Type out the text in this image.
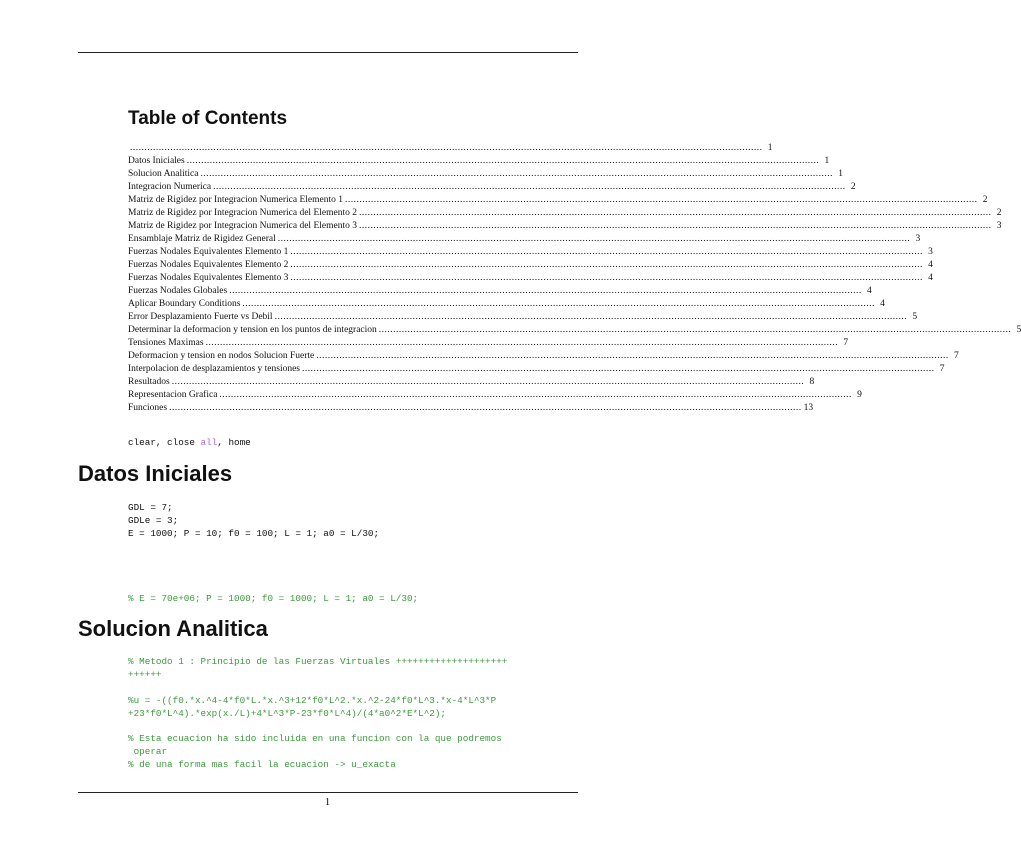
Table of Contents
............................................................................................................................................................................................................................ 1
Datos Iniciales ............................................................................................................................................................................................................................ 1
Solucion Analitica ............................................................................................................................................................................................................................ 1
Integracion Numerica ............................................................................................................................................................................................................................ 2
Matriz de Rigidez por Integracion Numerica Elemento 1 ............................................................................................................................................................................................................................ 2
Matriz de Rigidez por Integracion Numerica del Elemento 2 ............................................................................................................................................................................................................................ 2
Matriz de Rigidez por Integracion Numerica del Elemento 3 ............................................................................................................................................................................................................................ 3
Ensamblaje Matriz de Rigidez General ............................................................................................................................................................................................................................ 3
Fuerzas Nodales Equivalentes Elemento 1 ............................................................................................................................................................................................................................ 3
Fuerzas Nodales Equivalentes Elemento 2 ............................................................................................................................................................................................................................ 4
Fuerzas Nodales Equivalentes Elemento 3 ............................................................................................................................................................................................................................ 4
Fuerzas Nodales Globales ............................................................................................................................................................................................................................ 4
Aplicar Boundary Conditions ............................................................................................................................................................................................................................ 4
Error Desplazamiento Fuerte vs Debil ............................................................................................................................................................................................................................ 5
Determinar la deformacion y tension en los puntos de integracion ............................................................................................................................................................................................................................ 5
Tensiones Maximas ............................................................................................................................................................................................................................ 7
Deformacion y tension en nodos Solucion Fuerte ............................................................................................................................................................................................................................ 7
Interpolacion de desplazamientos y tensiones ............................................................................................................................................................................................................................ 7
Resultados ............................................................................................................................................................................................................................ 8
Representacion Grafica ............................................................................................................................................................................................................................ 9
Funciones ............................................................................................................................................................................................................................ 13
clear, close all, home
Datos Iniciales
GDL = 7;
GDLe = 3;
E = 1000; P = 10; f0 = 100; L = 1; a0 = L/30;
% E = 70e+06; P = 1000; f0 = 1000; L = 1; a0 = L/30;
Solucion Analitica
% Metodo 1 : Principio de las Fuerzas Virtuales ++++++++++++++++++++
++++++
%u = -((f0.*x.^4-4*f0*L.*x.^3+12*f0*L^2.*x.^2-24*f0*L^3.*x-4*L^3*P
+23*f0*L^4).*exp(x./L)+4*L^3*P-23*f0*L^4)/(4*a0^2*E*L^2);
% Esta ecuacion ha sido incluida en una funcion con la que podremos
operar
% de una forma mas facil la ecuacion -> u_exacta
1
